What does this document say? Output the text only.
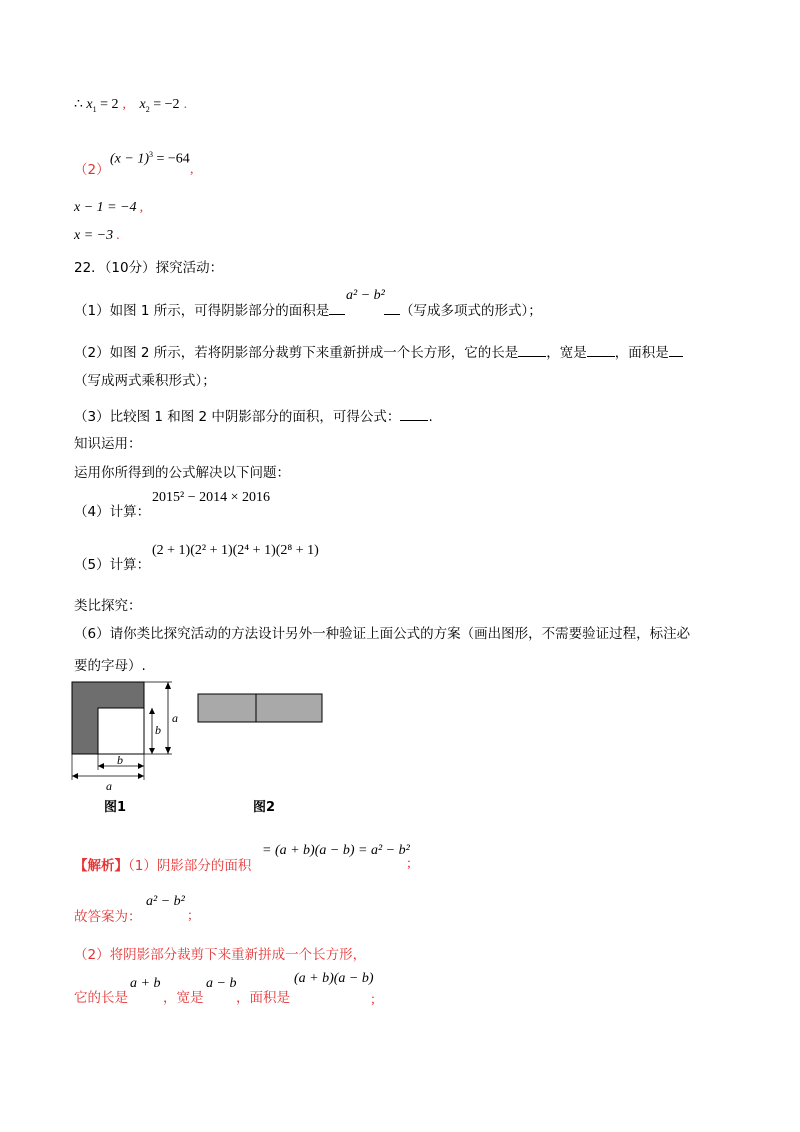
∴ $x_1 = 2$ , $x_2 = -2$ .
（2）
$(x - 1)^3 = -64$
,
x − 1 = −4 ,
x = −3 .
22．（10分）探究活动：
（1）如图 1 所示，可得阴影部分的面积是
a² − b²
（写成多项式的形式）；
（2）如图 2 所示，若将阴影部分裁剪下来重新拼成一个长方形，它的长是 ，宽是 ，面积是
（写成两式乘积形式）；
（3）比较图 1 和图 2 中阴影部分的面积，可得公式： .
知识运用：
运用你所得到的公式解决以下问题：
（4）计算：
2015² − 2014 × 2016
（5）计算：
(2 + 1)(2² + 1)(2⁴ + 1)(2⁸ + 1)
类比探究：
（6）请你类比探究活动的方法设计另外一种验证上面公式的方案（画出图形，不需要验证过程，标注必
要的字母）.
a
b
b
a
图1	图2
【解析】（1）阴影部分的面积
= (a + b)(a − b) = a² − b²
;
故答案为：
a² − b²
;
（2）将阴影部分裁剪下来重新拼成一个长方形，
它的长是
a + b
，宽是
a − b
，面积是
(a + b)(a − b)
;
